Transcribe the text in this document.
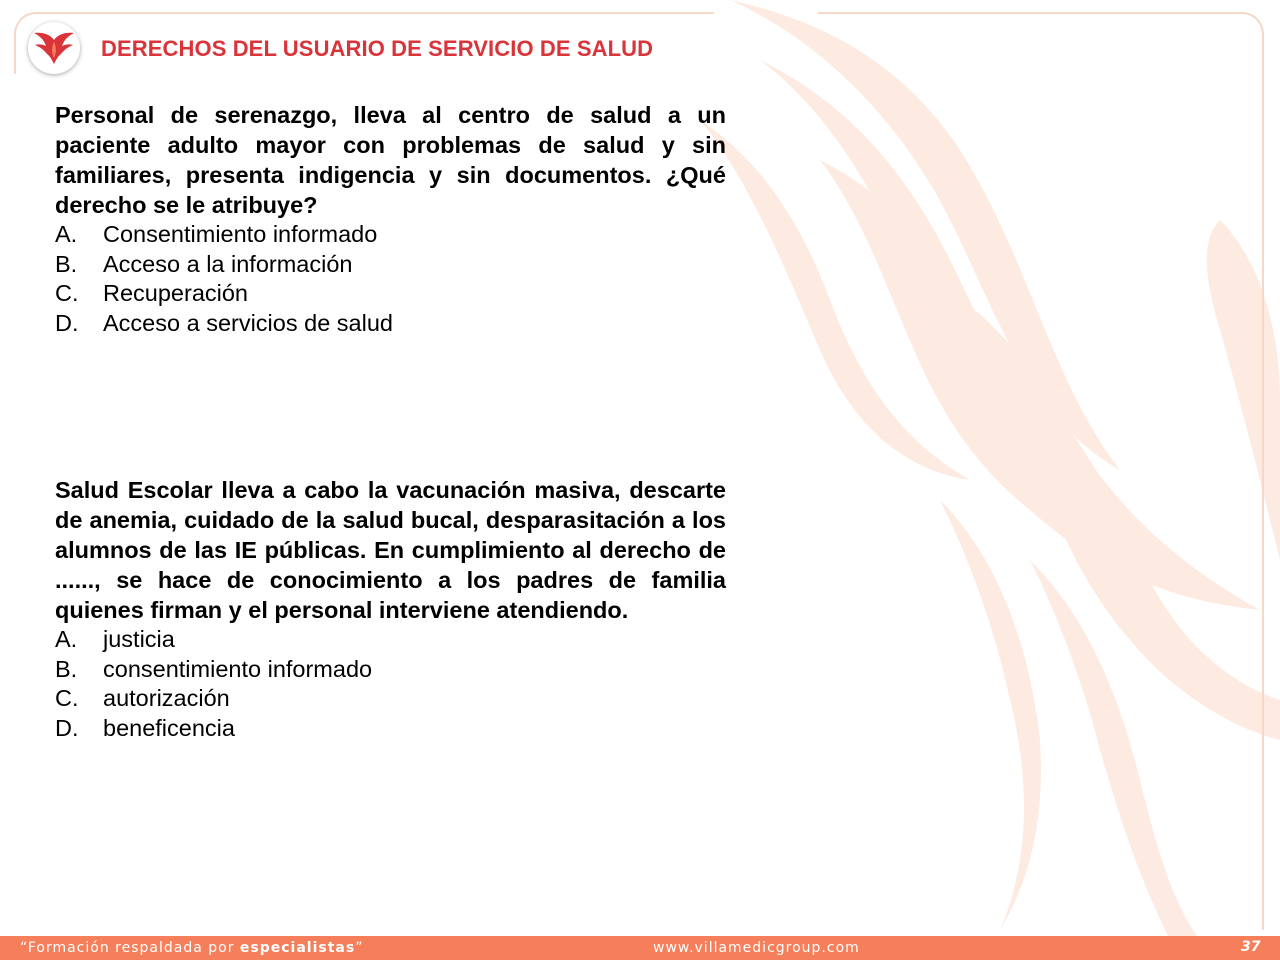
DERECHOS DEL USUARIO DE SERVICIO DE SALUD

Personal de serenazgo, lleva al centro de salud a un paciente adulto mayor con problemas de salud y sin familiares, presenta indigencia y sin documentos. ¿Qué derecho se le atribuye?

A.	Consentimiento informado
B.	Acceso a la información
C.	Recuperación
D.	Acceso a servicios de salud

Salud Escolar lleva a cabo la vacunación masiva, descarte de anemia, cuidado de la salud bucal, desparasitación a los alumnos de las IE públicas. En cumplimiento al derecho de ......, se hace de conocimiento a los padres de familia quienes firman y el personal interviene atendiendo.

A.	justicia
B.	consentimiento informado
C.	autorización
D.	beneficencia
“Formación respaldada por especialistas”	www.villamedicgroup.com	37
